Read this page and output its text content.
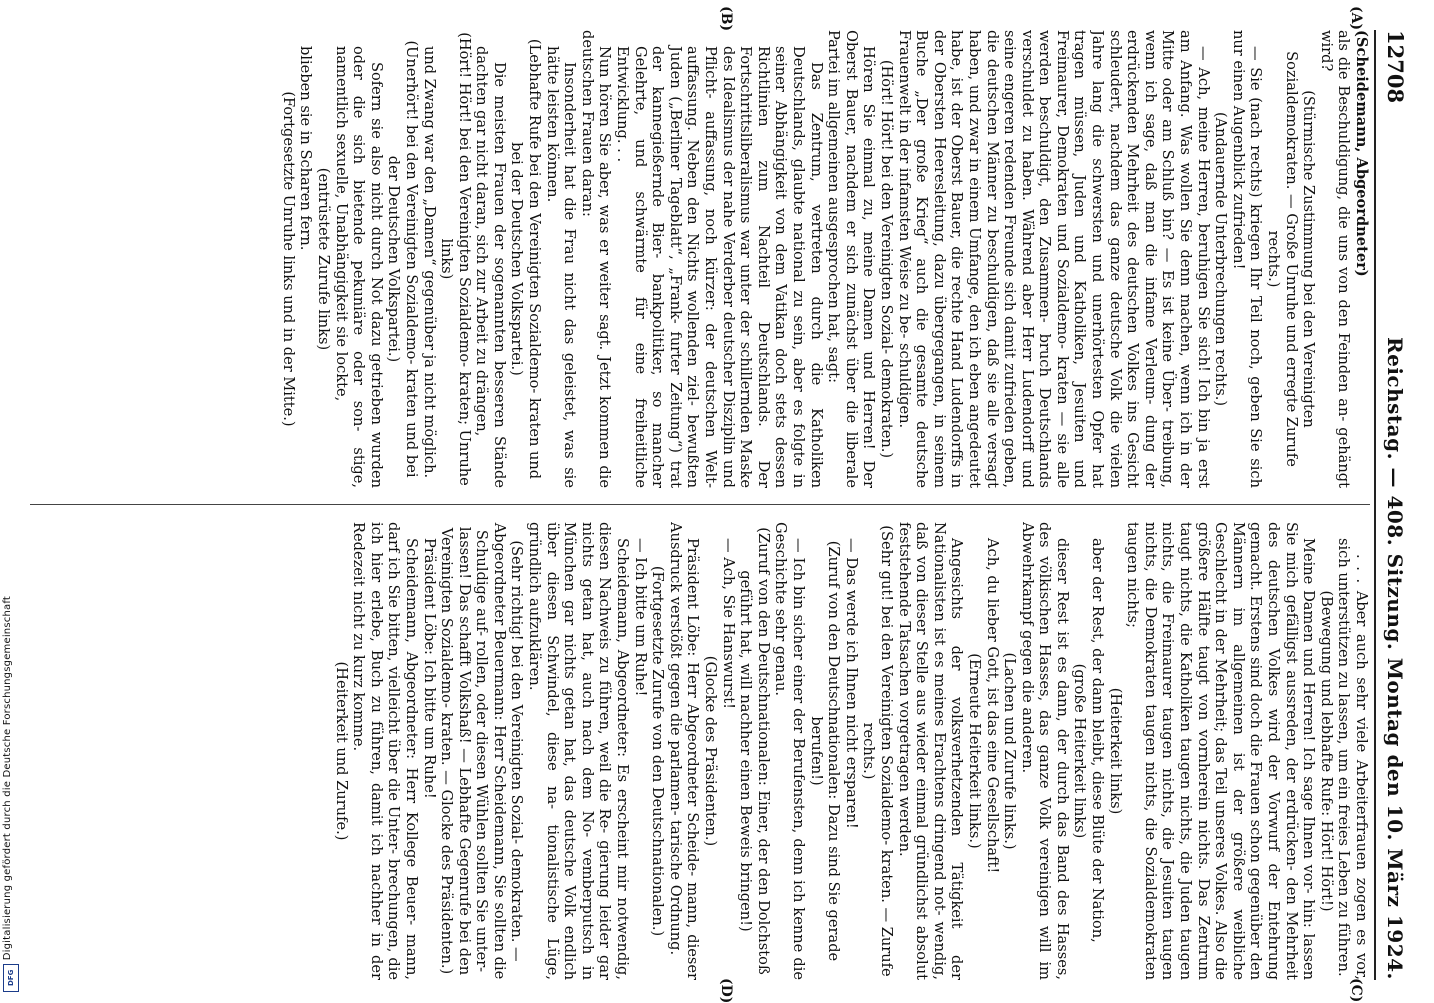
Digitalisierung gefördert durch die Deutsche Forschungsgemeinschaft
DFG
12708
Reichstag. — 408. Sitzung. Montag den 10. März 1924.
(A)
(B)
(C)
(D)

(Scheidemann, Abgeordneter)

als die Beschuldigung, die uns von den Feinden an- gehängt wird?

(Stürmische Zustimmung bei den Vereinigten Sozialdemokraten. — Große Unruhe und erregte Zurufe rechts.)

— Sie (nach rechts) kriegen Ihr Teil noch, geben Sie sich nur einen Augenblick zufrieden!

(Andauernde Unterbrechungen rechts.)

— Ach, meine Herren, beruhigen Sie sich! Ich bin ja erst am Anfang. Was wollen Sie denn machen, wenn ich in der Mitte oder am Schluß bin? — Es ist keine Über- treibung, wenn ich sage, daß man die infame Verleum- dung der erdrückenden Mehrheit des deutschen Volkes ins Gesicht schleudert, nachdem das ganze deutsche Volk die vielen Jahre lang die schwersten und unerhörtesten Opfer hat tragen müssen, Juden und Katholiken, Jesuiten und Freimaurer, Demokraten und Sozialdemo- kraten — sie alle werden beschuldigt, den Zusammen- bruch Deutschlands verschuldet zu haben. Während aber Herr Ludendorff und seine engeren redenden Freunde sich damit zufrieden geben, die deutschen Männer zu beschuldigen, daß sie alle versagt haben, und zwar in einem Umfange, den ich eben angedeutet habe, ist der Oberst Bauer, die rechte Hand Ludendorffs in der Obersten Heeresleitung, dazu übergegangen, in seinem Buche „Der große Krieg“ auch die gesamte deutsche Frauenwelt in der infamsten Weise zu be- schuldigen.

(Hört! Hört! bei den Vereinigten Sozial- demokraten.)

Hören Sie einmal zu, meine Damen und Herren! Der Oberst Bauer, nachdem er sich zunächst über die liberale Partei im allgemeinen ausgesprochen hat, sagt:

Das Zentrum, vertreten durch die Katholiken Deutschlands, glaubte national zu sein, aber es folgte in seiner Abhängigkeit von dem Vatikan doch stets dessen Richtlinien zum Nachteil Deutschlands. Der Fortschrittsliberalismus war unter der schillernden Maske des Idealismus der nahe Verderber deutscher Disziplin und Pflicht- auffassung, noch kürzer: der deutschen Welt- auffassung. Neben den Nichts wollenden ziel- bewußten Juden („Berliner Tageblatt“, „Frank- furter Zeitung“) trat der kannegießernde Bier- bankpolitiker, so mancher Gelehrte, und schwärmte für eine freiheitliche Entwicklung. . .

Nun hören Sie aber, was er weiter sagt. Jetzt kommen die deutschen Frauen daran:

Insonderheit hat die Frau nicht das geleistet, was sie hätte leisten können.

(Lebhafte Rufe bei den Vereinigten Sozialdemo- kraten und bei der Deutschen Volkspartei.)

Die meisten Frauen der sogenannten besseren Stände dachten gar nicht daran, sich zur Arbeit zu drängen,

(Hört! Hört! bei den Vereinigten Sozialdemo- kraten; Unruhe links)

und Zwang war den „Damen“ gegenüber ja nicht möglich.

(Unerhört! bei den Vereinigten Sozialdemo- kraten und bei der Deutschen Volkspartei.)

Sofern sie also nicht durch Not dazu getrieben wurden oder die sich bietende pekuniäre oder son- stige, namentlich sexuelle, Unabhängigkeit sie lockte,

(entrüstete Zurufe links)

blieben sie in Scharen fern.

(Fortgesetzte Unruhe links und in der Mitte.)

. . . Aber auch sehr viele Arbeiterfrauen zogen es vor, sich unterstützen zu lassen, um ein freies Leben zu führen.

(Bewegung und lebhafte Rufe: Hört! Hört!)

Meine Damen und Herren! Ich sage Ihnen vor- hin: lassen Sie mich gefälligst aussreden, der erdrücken- den Mehrheit des deutschen Volkes wird der Vorwurf der Entehrung gemacht. Erstens sind doch die Frauen schon gegenüber den Männern im allgemeinen ist der größere weibliche Geschlecht in der Mehrheit; das Teil unseres Volkes. Also die größere Hälfte taugt von vornherein nichts. Das Zentrum taugt nichts, die Katholiken taugen nichts, die Juden taugen nichts, die Freimaurer taugen nichts, die Jesuiten taugen nichts, die Demokraten taugen nichts, die Sozialdemokraten taugen nichts;

(Heiterkeit links)

aber der Rest, der dann bleibt, diese Blüte der Nation,

(große Heiterkeit links)

dieser Rest ist es dann, der durch das Band des Hasses, des völkischen Hasses, das ganze Volk vereinigen will im Abwehrkampf gegen die anderen.

(Lachen und Zurufe links.)

Ach, du lieber Gott, ist das eine Gesellschaft!

(Erneute Heiterkeit links.)

Angesichts der volksverhetzenden Tätigkeit der Nationalisten ist es meines Erachtens dringend not- wendig, daß von dieser Stelle aus wieder einmal gründlichst absolut feststehende Tatsachen vorgetragen werden.

(Sehr gut! bei den Vereinigten Sozialdemo- kraten. — Zurufe rechts.)

— Das werde ich Ihnen nicht ersparen!

(Zuruf von den Deutschnationalen: Dazu sind Sie gerade berufen!)

— Ich bin sicher einer der Berufensten, denn ich kenne die Geschichte sehr genau.

(Zuruf von den Deutschnationalen: Einer, der den Dolchstoß geführt hat, will nachher einen Beweis bringen!)

— Ach, Sie Hanswurst!

(Glocke des Präsidenten.)

Präsident Löbe: Herr Abgeordneter Scheide- mann, dieser Ausdruck verstößt gegen die parlamen- tarische Ordnung.

(Fortgesetzte Zurufe von den Deutschnationalen.)

— Ich bitte um Ruhe!

Scheidemann, Abgeordneter: Es erscheint mir notwendig, diesen Nachweis zu führen, weil die Re- gierung leider gar nichts getan hat, auch nach dem No- vemberputsch in München gar nichts getan hat, das deutsche Volk endlich über diesen Schwindel, diese na- tionalistische Lüge, gründlich aufzuklären.

(Sehr richtig! bei den Vereinigten Sozial- demokraten. — Abgeordneter Beuermann: Herr Scheidemann, Sie sollten die Schuldige auf- rollen, oder diesen Wühlen sollten Sie unter- lassen! Das schafft Volkshaß! — Lebhafte Gegenrufe bei den Vereinigten Sozialdemo- kraten. — Glocke des Präsidenten.)

Präsident Löbe: Ich bitte um Ruhe!

Scheidemann, Abgeordneter: Herr Kollege Beuer- mann, darf ich Sie bitten, vielleicht über die Unter- brechungen, die ich hier erlebe, Buch zu führen, damit ich nachher in der Redezeit nicht zu kurz komme.

(Heiterkeit und Zurufe.)
